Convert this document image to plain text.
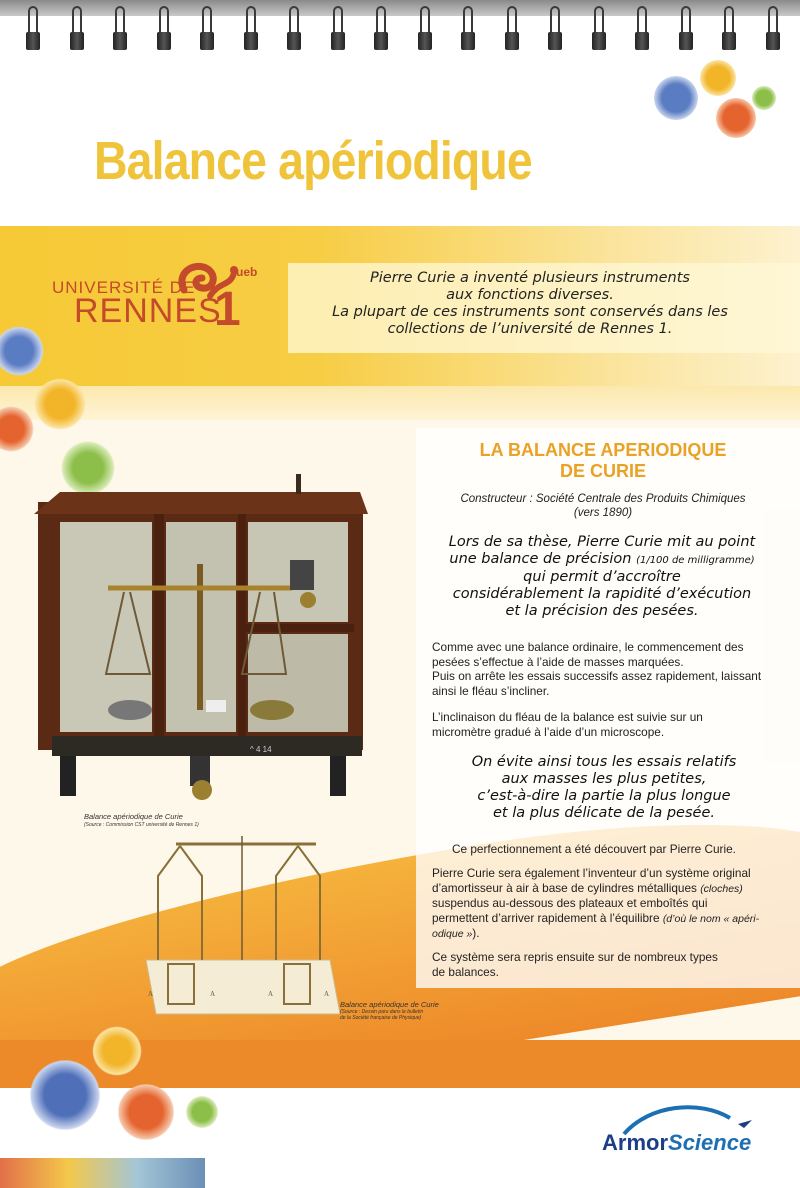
Balance apériodique
ueb
UNIVERSITÉ DE
RENNES
1
Pierre Curie a inventé plusieurs instruments
aux fonctions diverses.
La plupart de ces instruments sont conservés dans les
collections de l’université de Rennes 1.
LA BALANCE APERIODIQUE
DE CURIE
Constructeur : Société Centrale des Produits Chimiques
(vers 1890)
Lors de sa thèse, Pierre Curie mit au point
une balance de précision (1/100 de milligramme)
qui permit d’accroître
considérablement la rapidité d’exécution
et la précision des pesées.
Comme avec une balance ordinaire, le commencement des
pesées s’effectue à l’aide de masses marquées.
Puis on arrête les essais successifs assez rapidement, laissant
ainsi le fléau s’incliner.
L’inclinaison du fléau de la balance est suivie sur un
micromètre gradué à l’aide d’un microscope.
On évite ainsi tous les essais relatifs
aux masses les plus petites,
c’est-à-dire la partie la plus longue
et la plus délicate de la pesée.
Ce perfectionnement a été découvert par Pierre Curie.
Pierre Curie sera également l’inventeur d’un système original
d’amortisseur à air à base de cylindres métalliques (cloches)
suspendus au-dessous des plateaux et emboîtés qui
permettent d’arriver rapidement à l’équilibre (d’où le nom « apéri-
odique »).
Ce système sera repris ensuite sur de nombreux types
de balances.
^ 4 14
Balance apériodique de Curie
(Source : Commission CST université de Rennes 1)
A	A	A	A
Balance apériodique de Curie
(Source : Dessin paru dans le bulletin de la Société française de Physique)
ArmorScience
